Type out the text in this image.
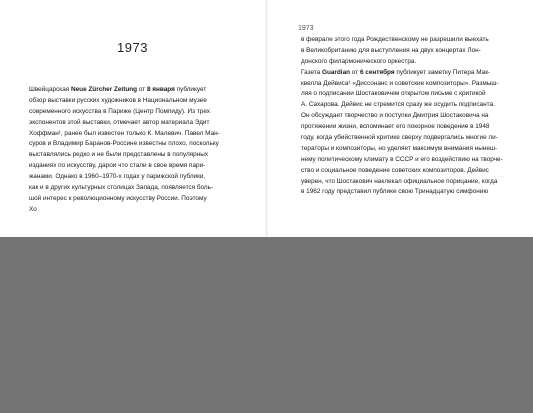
1973
Швейцарская Neue Zürcher Zeitung от 8 января публикует
обзор выставки русских художников в Национальном музее
современного искусства в Париже (Центр Помпиду). Из трех
экспонентов этой выставки, отмечает автор материала Эдит
Хоффман¹, ранее был известен только К. Малевич. Павел Ман-
суров и Владимир Баранов-Россине известны плохо, поскольку
выставлялись редко и не были представлены в популярных
изданиях по искусству, дарои что стали в свое время пари-
жанами. Однако в 1960–1970-х годах у парижской публики,
как и в других культурных столицах Запада, появляется боль-
шой интерес к революционному искусству России. Поэтому
Хо
1973
в феврале этого года Рождественскому не разрешили выехать
в Великобританию для выступления на двух концертах Лон-
донского филармонического оркестра.
Газета Guardian от 6 сентября публикует заметку Питера Мак-
квелла Дейвиса¹ «Диссонанс и советские композиторы». Размыш-
ляя о подписании Шостаковичем открытом письме с критикой
А. Сахарова. Дейвис не стремится сразу же осудить подписанта.
Он обсуждает творчество и поступки Дмитрия Шостаковича на
протяжении жизни, вспоминает его покорное поведение в 1948
году, когда убийственной критике сверху подвергались многие ли-
тераторы и композиторы, но уделяет максимум внимания нынеш-
нему политическому климату в СССР и его воздействию на творче-
ство и социальное поведение советских композиторов. Дейвис
уверен, что Шостакович наклекал официальное порицание, когда
в 1962 году представил публике свою Тринадцатую симфонию
